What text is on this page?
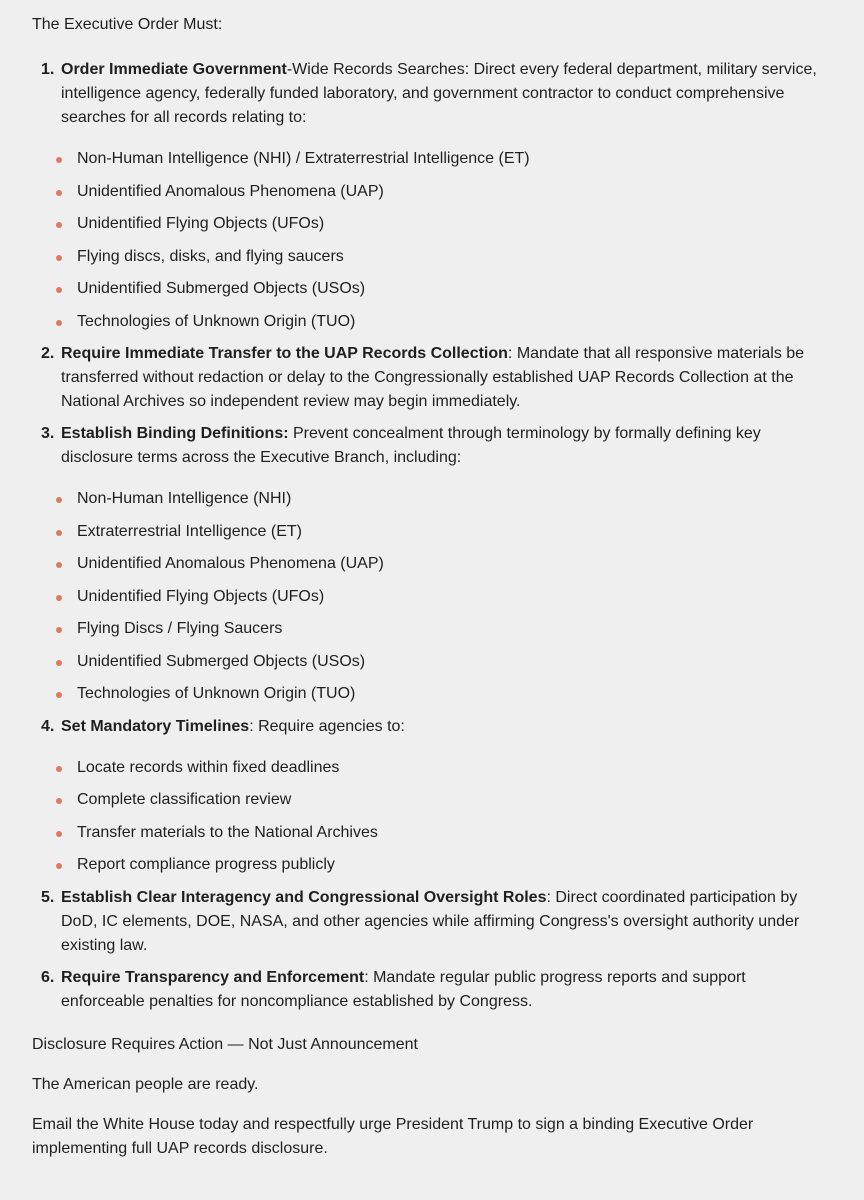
The Executive Order Must:

1. Order Immediate Government-Wide Records Searches: Direct every federal department, military service, intelligence agency, federally funded laboratory, and government contractor to conduct comprehensive searches for all records relating to:
Non-Human Intelligence (NHI) / Extraterrestrial Intelligence (ET)
Unidentified Anomalous Phenomena (UAP)
Unidentified Flying Objects (UFOs)
Flying discs, disks, and flying saucers
Unidentified Submerged Objects (USOs)
Technologies of Unknown Origin (TUO)
2. Require Immediate Transfer to the UAP Records Collection: Mandate that all responsive materials be transferred without redaction or delay to the Congressionally established UAP Records Collection at the National Archives so independent review may begin immediately.
3. Establish Binding Definitions: Prevent concealment through terminology by formally defining key disclosure terms across the Executive Branch, including:
Non-Human Intelligence (NHI)
Extraterrestrial Intelligence (ET)
Unidentified Anomalous Phenomena (UAP)
Unidentified Flying Objects (UFOs)
Flying Discs / Flying Saucers
Unidentified Submerged Objects (USOs)
Technologies of Unknown Origin (TUO)
4. Set Mandatory Timelines: Require agencies to:
Locate records within fixed deadlines
Complete classification review
Transfer materials to the National Archives
Report compliance progress publicly
5. Establish Clear Interagency and Congressional Oversight Roles: Direct coordinated participation by DoD, IC elements, DOE, NASA, and other agencies while affirming Congress's oversight authority under existing law.
6. Require Transparency and Enforcement: Mandate regular public progress reports and support enforceable penalties for noncompliance established by Congress.

Disclosure Requires Action — Not Just Announcement

The American people are ready.

Email the White House today and respectfully urge President Trump to sign a binding Executive Order implementing full UAP records disclosure.
